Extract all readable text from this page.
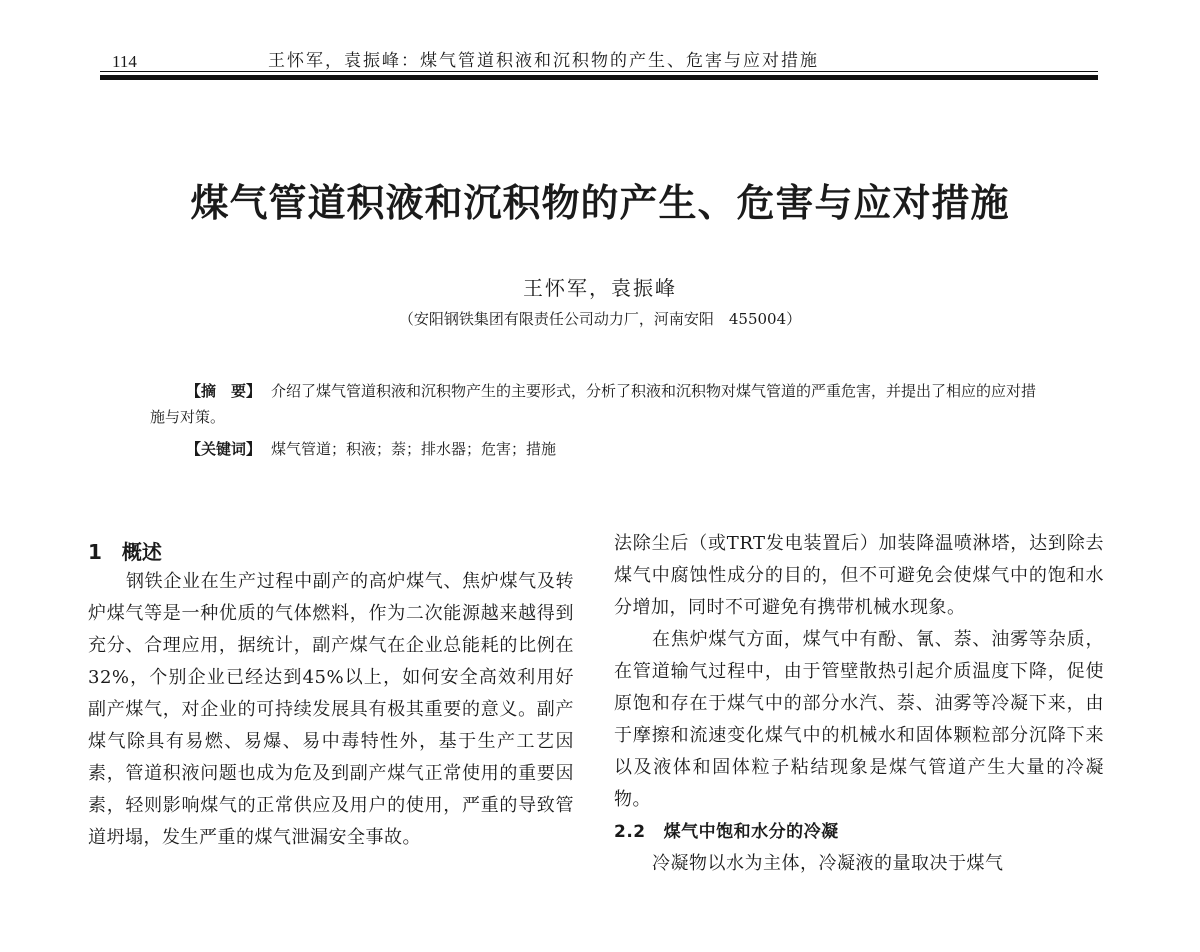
114	王怀军，袁振峰：煤气管道积液和沉积物的产生、危害与应对措施
煤气管道积液和沉积物的产生、危害与应对措施
王怀军，袁振峰
（安阳钢铁集团有限责任公司动力厂，河南安阳　455004）

【摘　要】 介绍了煤气管道积液和沉积物产生的主要形式，分析了积液和沉积物对煤气管道的严重危害，并提出了相应的应对措施与对策。

【关键词】 煤气管道；积液；萘；排水器；危害；措施
1 概述

钢铁企业在生产过程中副产的高炉煤气、焦炉煤气及转炉煤气等是一种优质的气体燃料，作为二次能源越来越得到充分、合理应用，据统计，副产煤气在企业总能耗的比例在32%，个别企业已经达到45%以上，如何安全高效利用好副产煤气，对企业的可持续发展具有极其重要的意义。副产煤气除具有易燃、易爆、易中毒特性外，基于生产工艺因素，管道积液问题也成为危及到副产煤气正常使用的重要因素，轻则影响煤气的正常供应及用户的使用，严重的导致管道坍塌，发生严重的煤气泄漏安全事故。

法除尘后（或TRT发电装置后）加装降温喷淋塔，达到除去煤气中腐蚀性成分的目的，但不可避免会使煤气中的饱和水分增加，同时不可避免有携带机械水现象。

在焦炉煤气方面，煤气中有酚、氰、萘、油雾等杂质，在管道输气过程中，由于管壁散热引起介质温度下降，促使原饱和存在于煤气中的部分水汽、萘、油雾等冷凝下来，由于摩擦和流速变化煤气中的机械水和固体颗粒部分沉降下来以及液体和固体粒子粘结现象是煤气管道产生大量的冷凝物。

2.2 煤气中饱和水分的冷凝

冷凝物以水为主体，冷凝液的量取决于煤气
